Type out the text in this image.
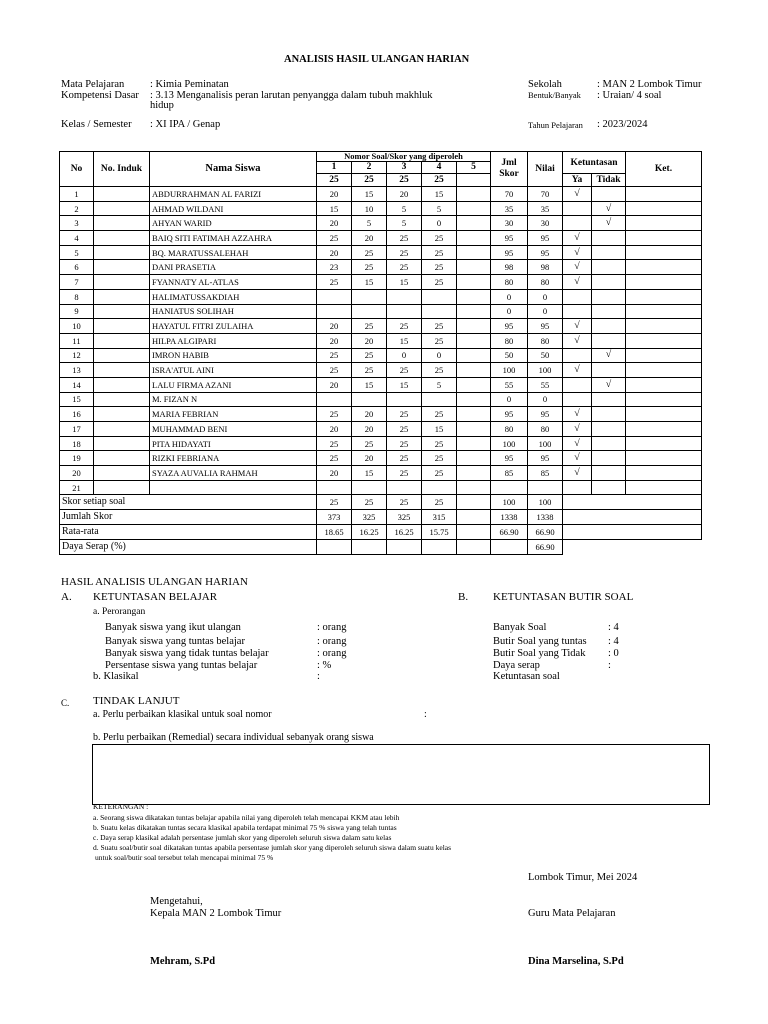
ANALISIS HASIL ULANGAN HARIAN
Mata Pelajaran : Kimia Peminatan
Kompetensi Dasar : 3.13 Menganalisis peran larutan penyangga dalam tubuh makhluk
hidup
Kelas / Semester : XI IPA / Genap
Sekolah	: MAN 2 Lombok Timur
Bentuk/Banyak : Uraian/ 4 soal
Tahun Pelajaran : 2023/2024
No	No. Induk	Nama Siswa	Nomor Soal/Skor yang diperoleh					Jml
Skor	Nilai	Ketuntasan		Ket.
			1	2	3	4	5					
			25	25	25	25				Ya	Tidak	
1		ABDURRAHMAN AL FARIZI	20	15	20	15		70	70	√		
2		AHMAD WILDANI	15	10	5	5		35	35		√	
3		AHYAN WARID	20	5	5	0		30	30		√	
4		BAIQ SITI FATIMAH AZZAHRA	25	20	25	25		95	95	√		
5		BQ. MARATUSSALEHAH	20	25	25	25		95	95	√		
6		DANI PRASETIA	23	25	25	25		98	98	√		
7		FYANNATY AL-ATLAS	25	15	15	25		80	80	√		
8		HALIMATUSSAKDIAH						0	0			
9		HANIATUS SOLIHAH						0	0			
10		HAYATUL FITRI ZULAIHA	20	25	25	25		95	95	√		
11		HILPA ALGIPARI	20	20	15	25		80	80	√		
12		IMRON HABIB	25	25	0	0		50	50		√	
13		ISRA'ATUL AINI	25	25	25	25		100	100	√		
14		LALU FIRMA AZANI	20	15	15	5		55	55		√	
15		M. FIZAN N						0	0			
16		MARIA FEBRIAN	25	20	25	25		95	95	√		
17		MUHAMMAD BENI	20	20	25	15		80	80	√		
18		PITA HIDAYATI	25	25	25	25		100	100	√		
19		RIZKI FEBRIANA	25	20	25	25		95	95	√		
20		SYAZA AUVALIA RAHMAH	20	15	25	25		85	85	√		
21												
Skor setiap soal			25	25	25	25		100	100			
Jumlah Skor			373	325	325	315		1338	1338			
Rata-rata			18.65	16.25	16.25	15.75		66.90	66.90			
Daya Serap (%)									66.90			
HASIL ANALISIS ULANGAN HARIAN
A. KETUNTASAN BELAJAR	B. KETUNTASAN BUTIR SOAL
a. Perorangan
Banyak siswa yang ikut ulangan	: orang
Banyak siswa yang tuntas belajar	: orang
Banyak siswa yang tidak tuntas belajar	: orang
Persentase siswa yang tuntas belajar	: %
b. Klasikal	:
Banyak Soal	: 4
Butir Soal yang tuntas : 4
Butir Soal yang Tidak : 0
Daya serap	:
Ketuntasan soal
C. TINDAK LANJUT
a. Perlu perbaikan klasikal untuk soal nomor	:
b. Perlu perbaikan (Remedial) secara individual sebanyak orang siswa
KETERANGAN :
a. Seorang siswa dikatakan tuntas belajar apabila nilai yang diperoleh telah mencapai KKM atau lebih
b. Suatu kelas dikatakan tuntas secara klasikal apabila terdapat minimal 75 % siswa yang telah tuntas
c. Daya serap klasikal adalah persentase jumlah skor yang diperoleh seluruh siswa dalam satu kelas
d. Suatu soal/butir soal dikatakan tuntas apabila persentase jumlah skor yang diperoleh seluruh siswa dalam suatu kelas
untuk soal/butir soal tersebut telah mencapai minimal 75 %
Lombok Timur, Mei 2024
Mengetahui,
Kepala MAN 2 Lombok Timur	Guru Mata Pelajaran
Mehram, S.Pd	Dina Marselina, S.Pd
